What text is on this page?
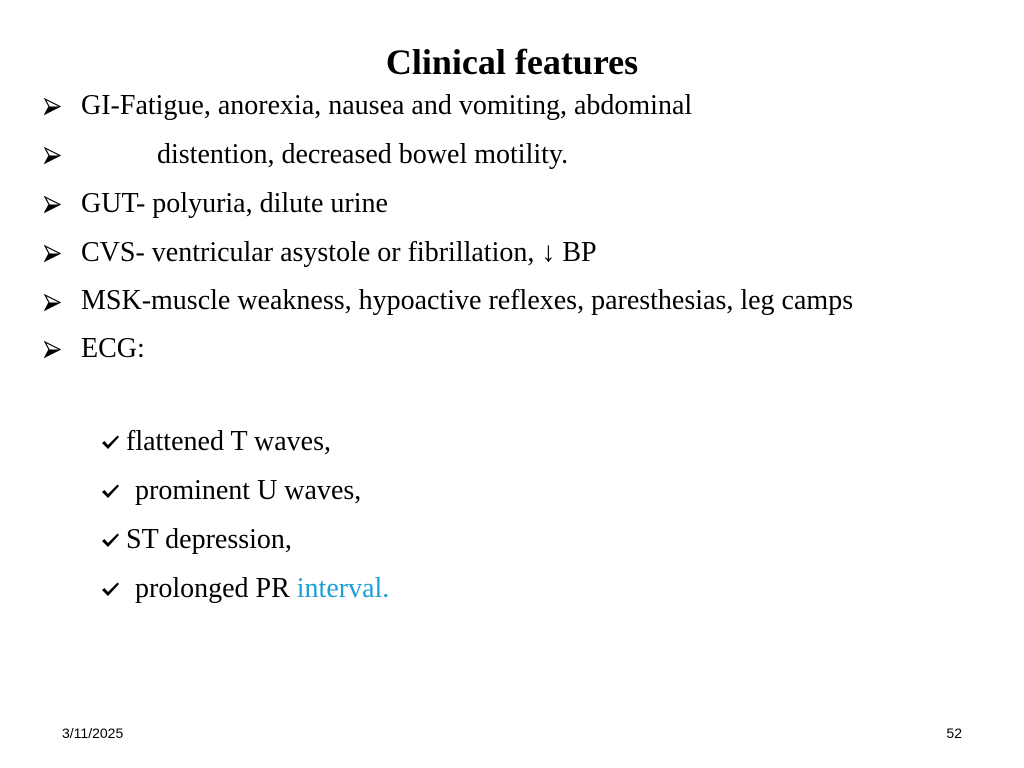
Clinical features
GI-Fatigue, anorexia, nausea and vomiting, abdominal
distention, decreased bowel motility.
GUT- polyuria, dilute urine
CVS- ventricular asystole or fibrillation, ↓ BP
MSK-muscle weakness, hypoactive reflexes, paresthesias, leg camps
ECG:
flattened T waves,
prominent U waves,
ST depression,
prolonged PR interval.
3/11/2025	52
